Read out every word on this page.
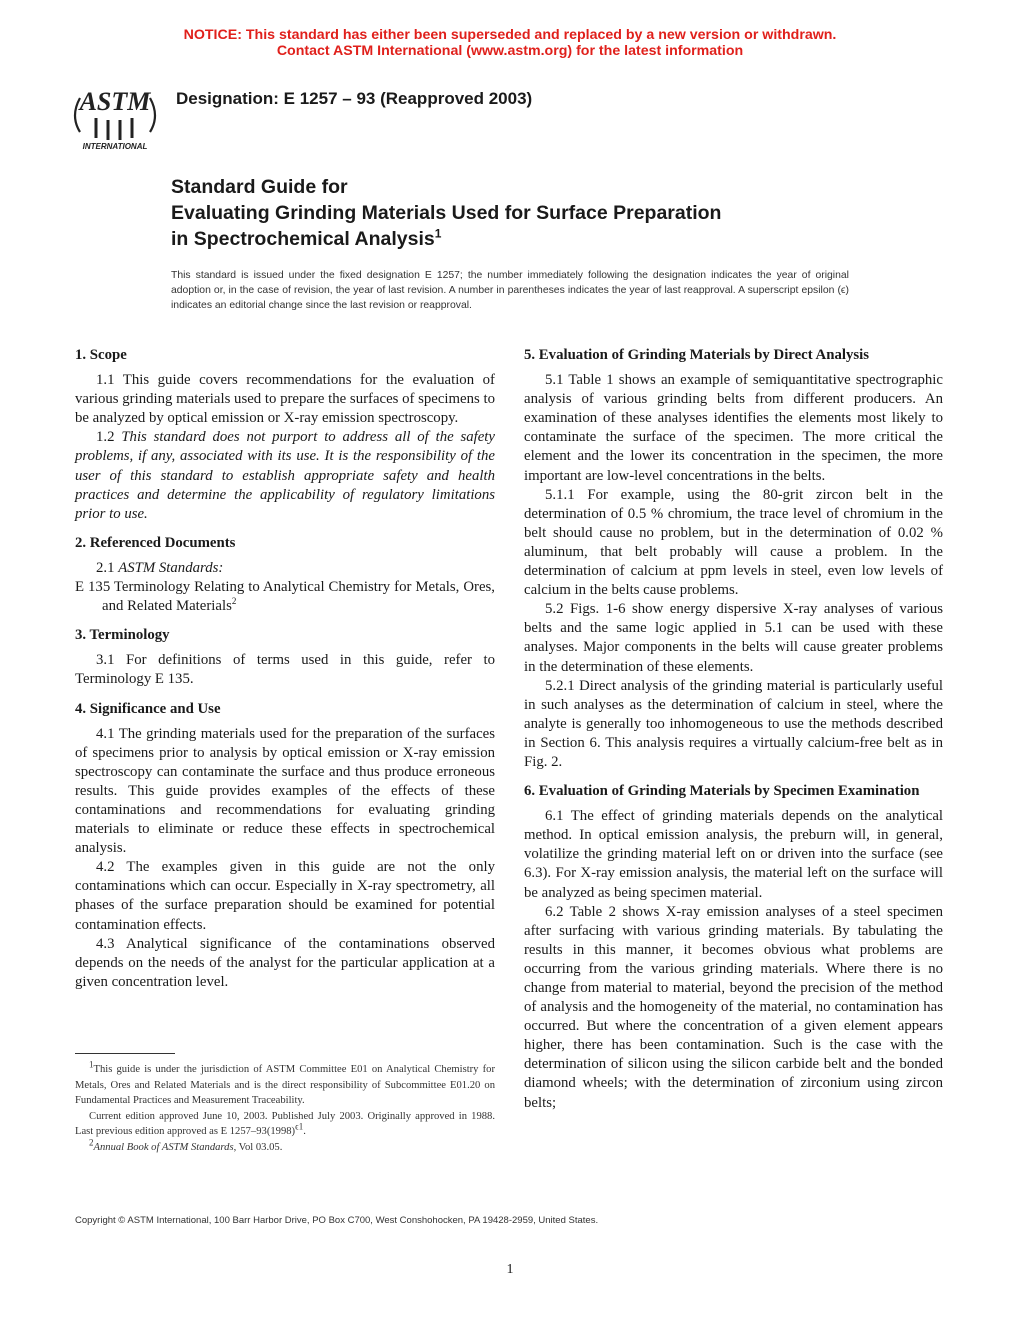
NOTICE: This standard has either been superseded and replaced by a new version or withdrawn.
Contact ASTM International (www.astm.org) for the latest information
ASTM
INTERNATIONAL
Designation: E 1257 – 93 (Reapproved 2003)
Standard Guide for
Evaluating Grinding Materials Used for Surface Preparation
in Spectrochemical Analysis$^1$
This standard is issued under the fixed designation E 1257; the number immediately following the designation indicates the year of original adoption or, in the case of revision, the year of last revision. A number in parentheses indicates the year of last reapproval. A superscript epsilon (ϵ) indicates an editorial change since the last revision or reapproval.
1. Scope

1.1 This guide covers recommendations for the evaluation of various grinding materials used to prepare the surfaces of specimens to be analyzed by optical emission or X-ray emission spectroscopy.

1.2 This standard does not purport to address all of the safety problems, if any, associated with its use. It is the responsibility of the user of this standard to establish appropriate safety and health practices and determine the applicability of regulatory limitations prior to use.

2. Referenced Documents

2.1 ASTM Standards:

E 135 Terminology Relating to Analytical Chemistry for Metals, Ores, and Related Materials$^2$

3. Terminology

3.1 For definitions of terms used in this guide, refer to Terminology E 135.

4. Significance and Use

4.1 The grinding materials used for the preparation of the surfaces of specimens prior to analysis by optical emission or X-ray emission spectroscopy can contaminate the surface and thus produce erroneous results. This guide provides examples of the effects of these contaminations and recommendations for evaluating grinding materials to eliminate or reduce these effects in spectrochemical analysis.

4.2 The examples given in this guide are not the only contaminations which can occur. Especially in X-ray spectrometry, all phases of the surface preparation should be examined for potential contamination effects.

4.3 Analytical significance of the contaminations observed depends on the needs of the analyst for the particular application at a given concentration level.

$^1$This guide is under the jurisdiction of ASTM Committee E01 on Analytical Chemistry for Metals, Ores and Related Materials and is the direct responsibility of Subcommittee E01.20 on Fundamental Practices and Measurement Traceability.

Current edition approved June 10, 2003. Published July 2003. Originally approved in 1988. Last previous edition approved as E $1257-93(1998)^{\epsilon 1}$.

$^2$Annual Book of ASTM Standards, Vol 03.05.

5. Evaluation of Grinding Materials by Direct Analysis

5.1 Table 1 shows an example of semiquantitative spectrographic analysis of various grinding belts from different producers. An examination of these analyses identifies the elements most likely to contaminate the surface of the specimen. The more critical the element and the lower its concentration in the specimen, the more important are low-level concentrations in the belts.

5.1.1 For example, using the 80-grit zircon belt in the determination of 0.5 % chromium, the trace level of chromium in the belt should cause no problem, but in the determination of 0.02 % aluminum, that belt probably will cause a problem. In the determination of calcium at ppm levels in steel, even low levels of calcium in the belts cause problems.

5.2 Figs. 1-6 show energy dispersive X-ray analyses of various belts and the same logic applied in 5.1 can be used with these analyses. Major components in the belts will cause greater problems in the determination of these elements.

5.2.1 Direct analysis of the grinding material is particularly useful in such analyses as the determination of calcium in steel, where the analyte is generally too inhomogeneous to use the methods described in Section 6. This analysis requires a virtually calcium-free belt as in Fig. 2.

6. Evaluation of Grinding Materials by Specimen Examination

6.1 The effect of grinding materials depends on the analytical method. In optical emission analysis, the preburn will, in general, volatilize the grinding material left on or driven into the surface (see 6.3). For X-ray emission analysis, the material left on the surface will be analyzed as being specimen material.

6.2 Table 2 shows X-ray emission analyses of a steel specimen after surfacing with various grinding materials. By tabulating the results in this manner, it becomes obvious what problems are occurring from the various grinding materials. Where there is no change from material to material, beyond the precision of the method of analysis and the homogeneity of the material, no contamination has occurred. But where the concentration of a given element appears higher, there has been contamination. Such is the case with the determination of silicon using the silicon carbide belt and the bonded diamond wheels; with the determination of zirconium using zircon belts;

Copyright © ASTM International, 100 Barr Harbor Drive, PO Box C700, West Conshohocken, PA 19428-2959, United States.
1
